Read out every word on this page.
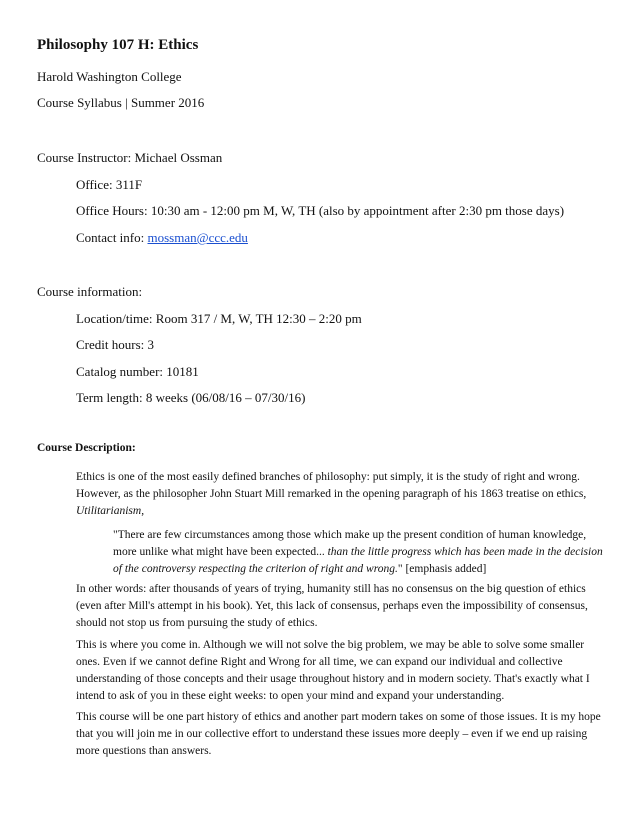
Philosophy 107 H: Ethics
Harold Washington College
Course Syllabus | Summer 2016
Course Instructor: Michael Ossman
Office: 311F
Office Hours: 10:30 am - 12:00 pm M, W, TH (also by appointment after 2:30 pm those days)
Contact info: mossman@ccc.edu
Course information:
Location/time: Room 317 / M, W, TH 12:30 – 2:20 pm
Credit hours: 3
Catalog number: 10181
Term length: 8 weeks (06/08/16 – 07/30/16)
Course Description:
Ethics is one of the most easily defined branches of philosophy: put simply, it is the study of right and wrong. However, as the philosopher John Stuart Mill remarked in the opening paragraph of his 1863 treatise on ethics, Utilitarianism,
"There are few circumstances among those which make up the present condition of human knowledge, more unlike what might have been expected... than the little progress which has been made in the decision of the controversy respecting the criterion of right and wrong." [emphasis added]
In other words: after thousands of years of trying, humanity still has no consensus on the big question of ethics (even after Mill's attempt in his book). Yet, this lack of consensus, perhaps even the impossibility of consensus, should not stop us from pursuing the study of ethics.
This is where you come in. Although we will not solve the big problem, we may be able to solve some smaller ones. Even if we cannot define Right and Wrong for all time, we can expand our individual and collective understanding of those concepts and their usage throughout history and in modern society. That's exactly what I intend to ask of you in these eight weeks: to open your mind and expand your understanding.
This course will be one part history of ethics and another part modern takes on some of those issues. It is my hope that you will join me in our collective effort to understand these issues more deeply – even if we end up raising more questions than answers.
